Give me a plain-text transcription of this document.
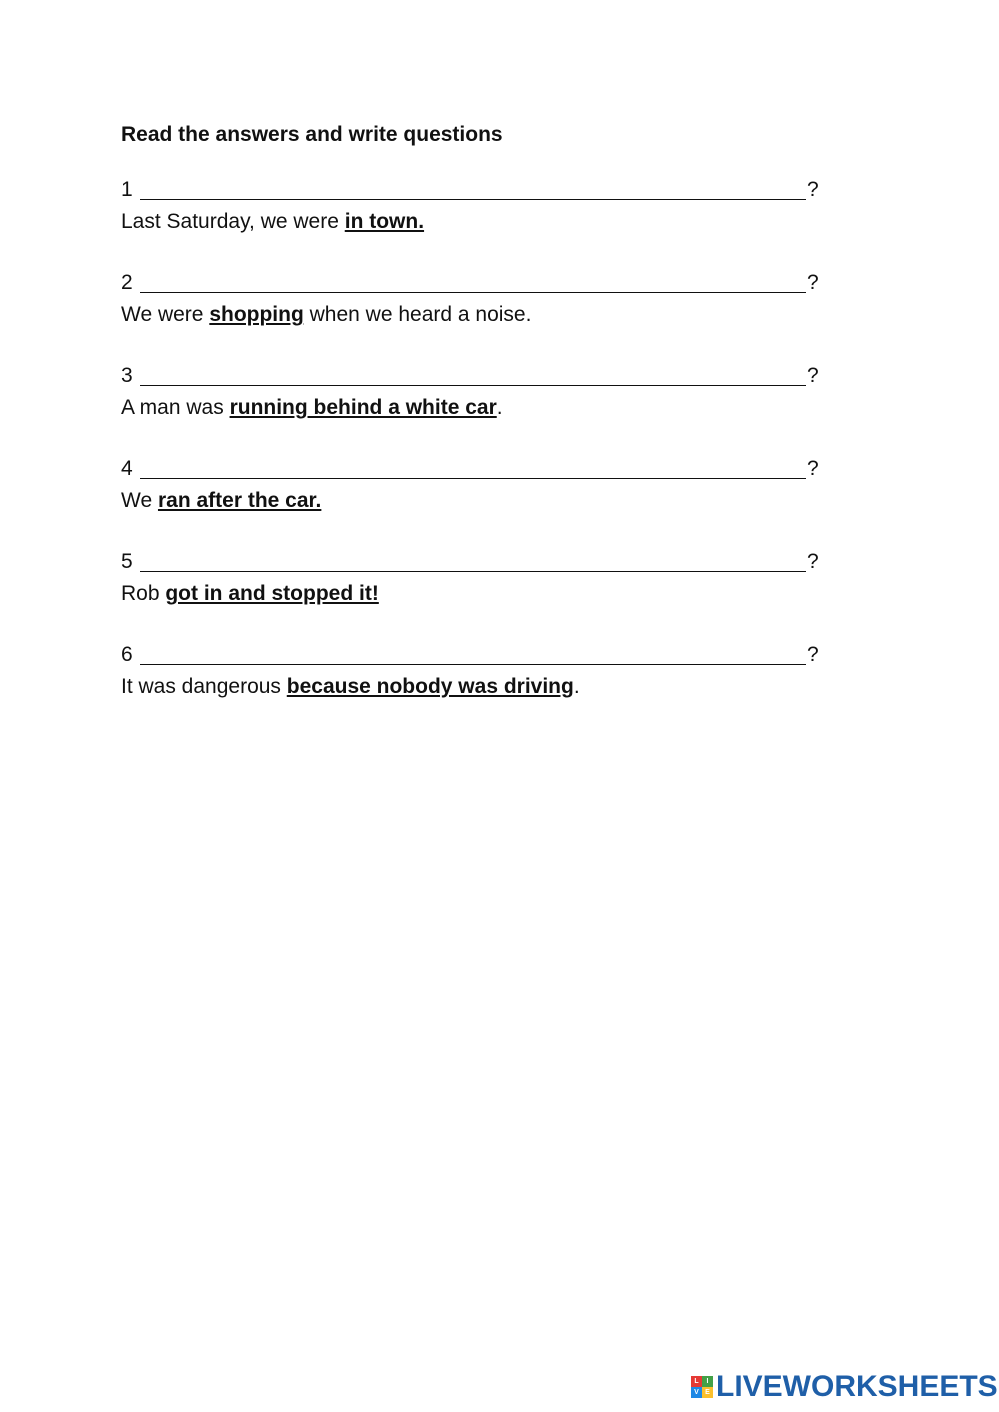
Read the answers and write questions
1	?
Last Saturday, we were in town.
2	?
We were shopping when we heard a noise.
3	?
A man was running behind a white car.
4	?
We ran after the car.
5	?
Rob got in and stopped it!
6	?
It was dangerous because nobody was driving.
L	I
V E LIVEWORKSHEETS
